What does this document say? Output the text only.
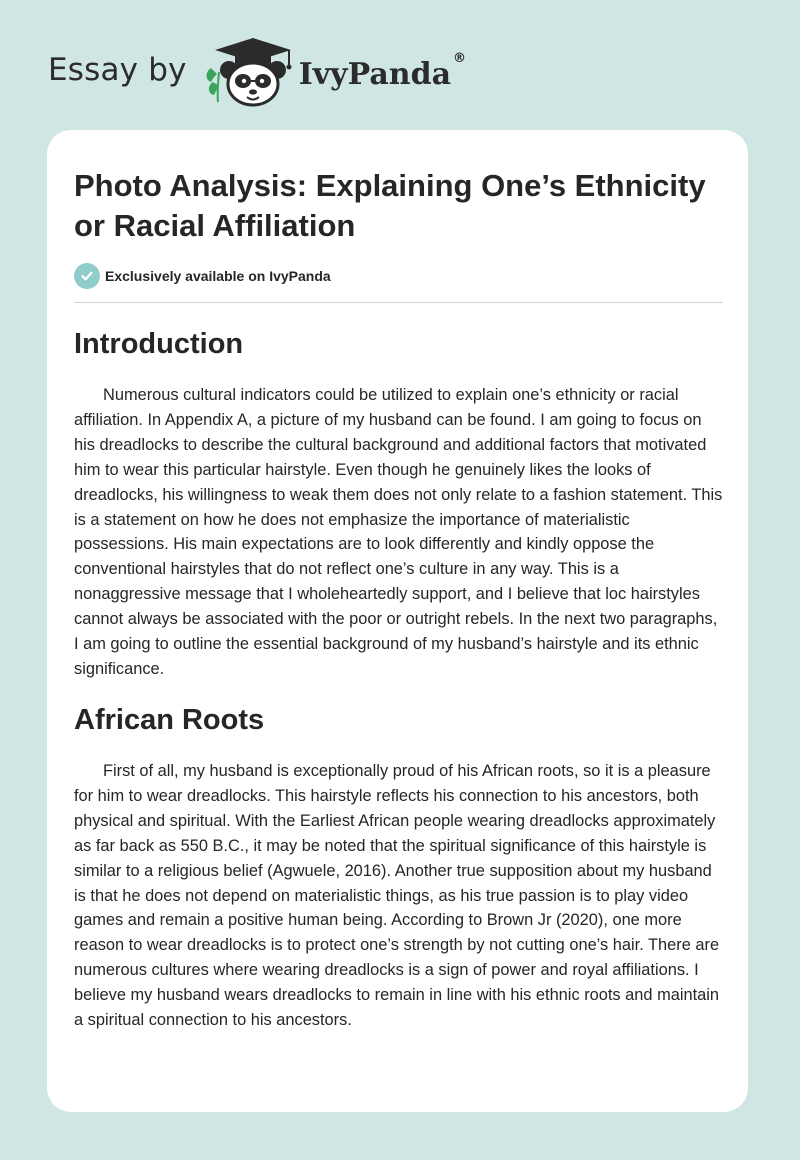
Essay by	IvyPanda ®
Photo Analysis: Explaining One’s Ethnicity or Racial Affiliation
Exclusively available on IvyPanda
Introduction

Numerous cultural indicators could be utilized to explain one’s ethnicity or racial affiliation. In Appendix A, a picture of my husband can be found. I am going to focus on his dreadlocks to describe the cultural background and additional factors that motivated him to wear this particular hairstyle. Even though he genuinely likes the looks of dreadlocks, his willingness to weak them does not only relate to a fashion statement. This is a statement on how he does not emphasize the importance of materialistic possessions. His main expectations are to look differently and kindly oppose the conventional hairstyles that do not reflect one’s culture in any way. This is a nonaggressive message that I wholeheartedly support, and I believe that loc hairstyles cannot always be associated with the poor or outright rebels. In the next two paragraphs, I am going to outline the essential background of my husband’s hairstyle and its ethnic significance.

African Roots

First of all, my husband is exceptionally proud of his African roots, so it is a pleasure for him to wear dreadlocks. This hairstyle reflects his connection to his ancestors, both physical and spiritual. With the Earliest African people wearing dreadlocks approximately as far back as 550 B.C., it may be noted that the spiritual significance of this hairstyle is similar to a religious belief (Agwuele, 2016). Another true supposition about my husband is that he does not depend on materialistic things, as his true passion is to play video games and remain a positive human being. According to Brown Jr (2020), one more reason to wear dreadlocks is to protect one’s strength by not cutting one’s hair. There are numerous cultures where wearing dreadlocks is a sign of power and royal affiliations. I believe my husband wears dreadlocks to remain in line with his ethnic roots and maintain a spiritual connection to his ancestors.
